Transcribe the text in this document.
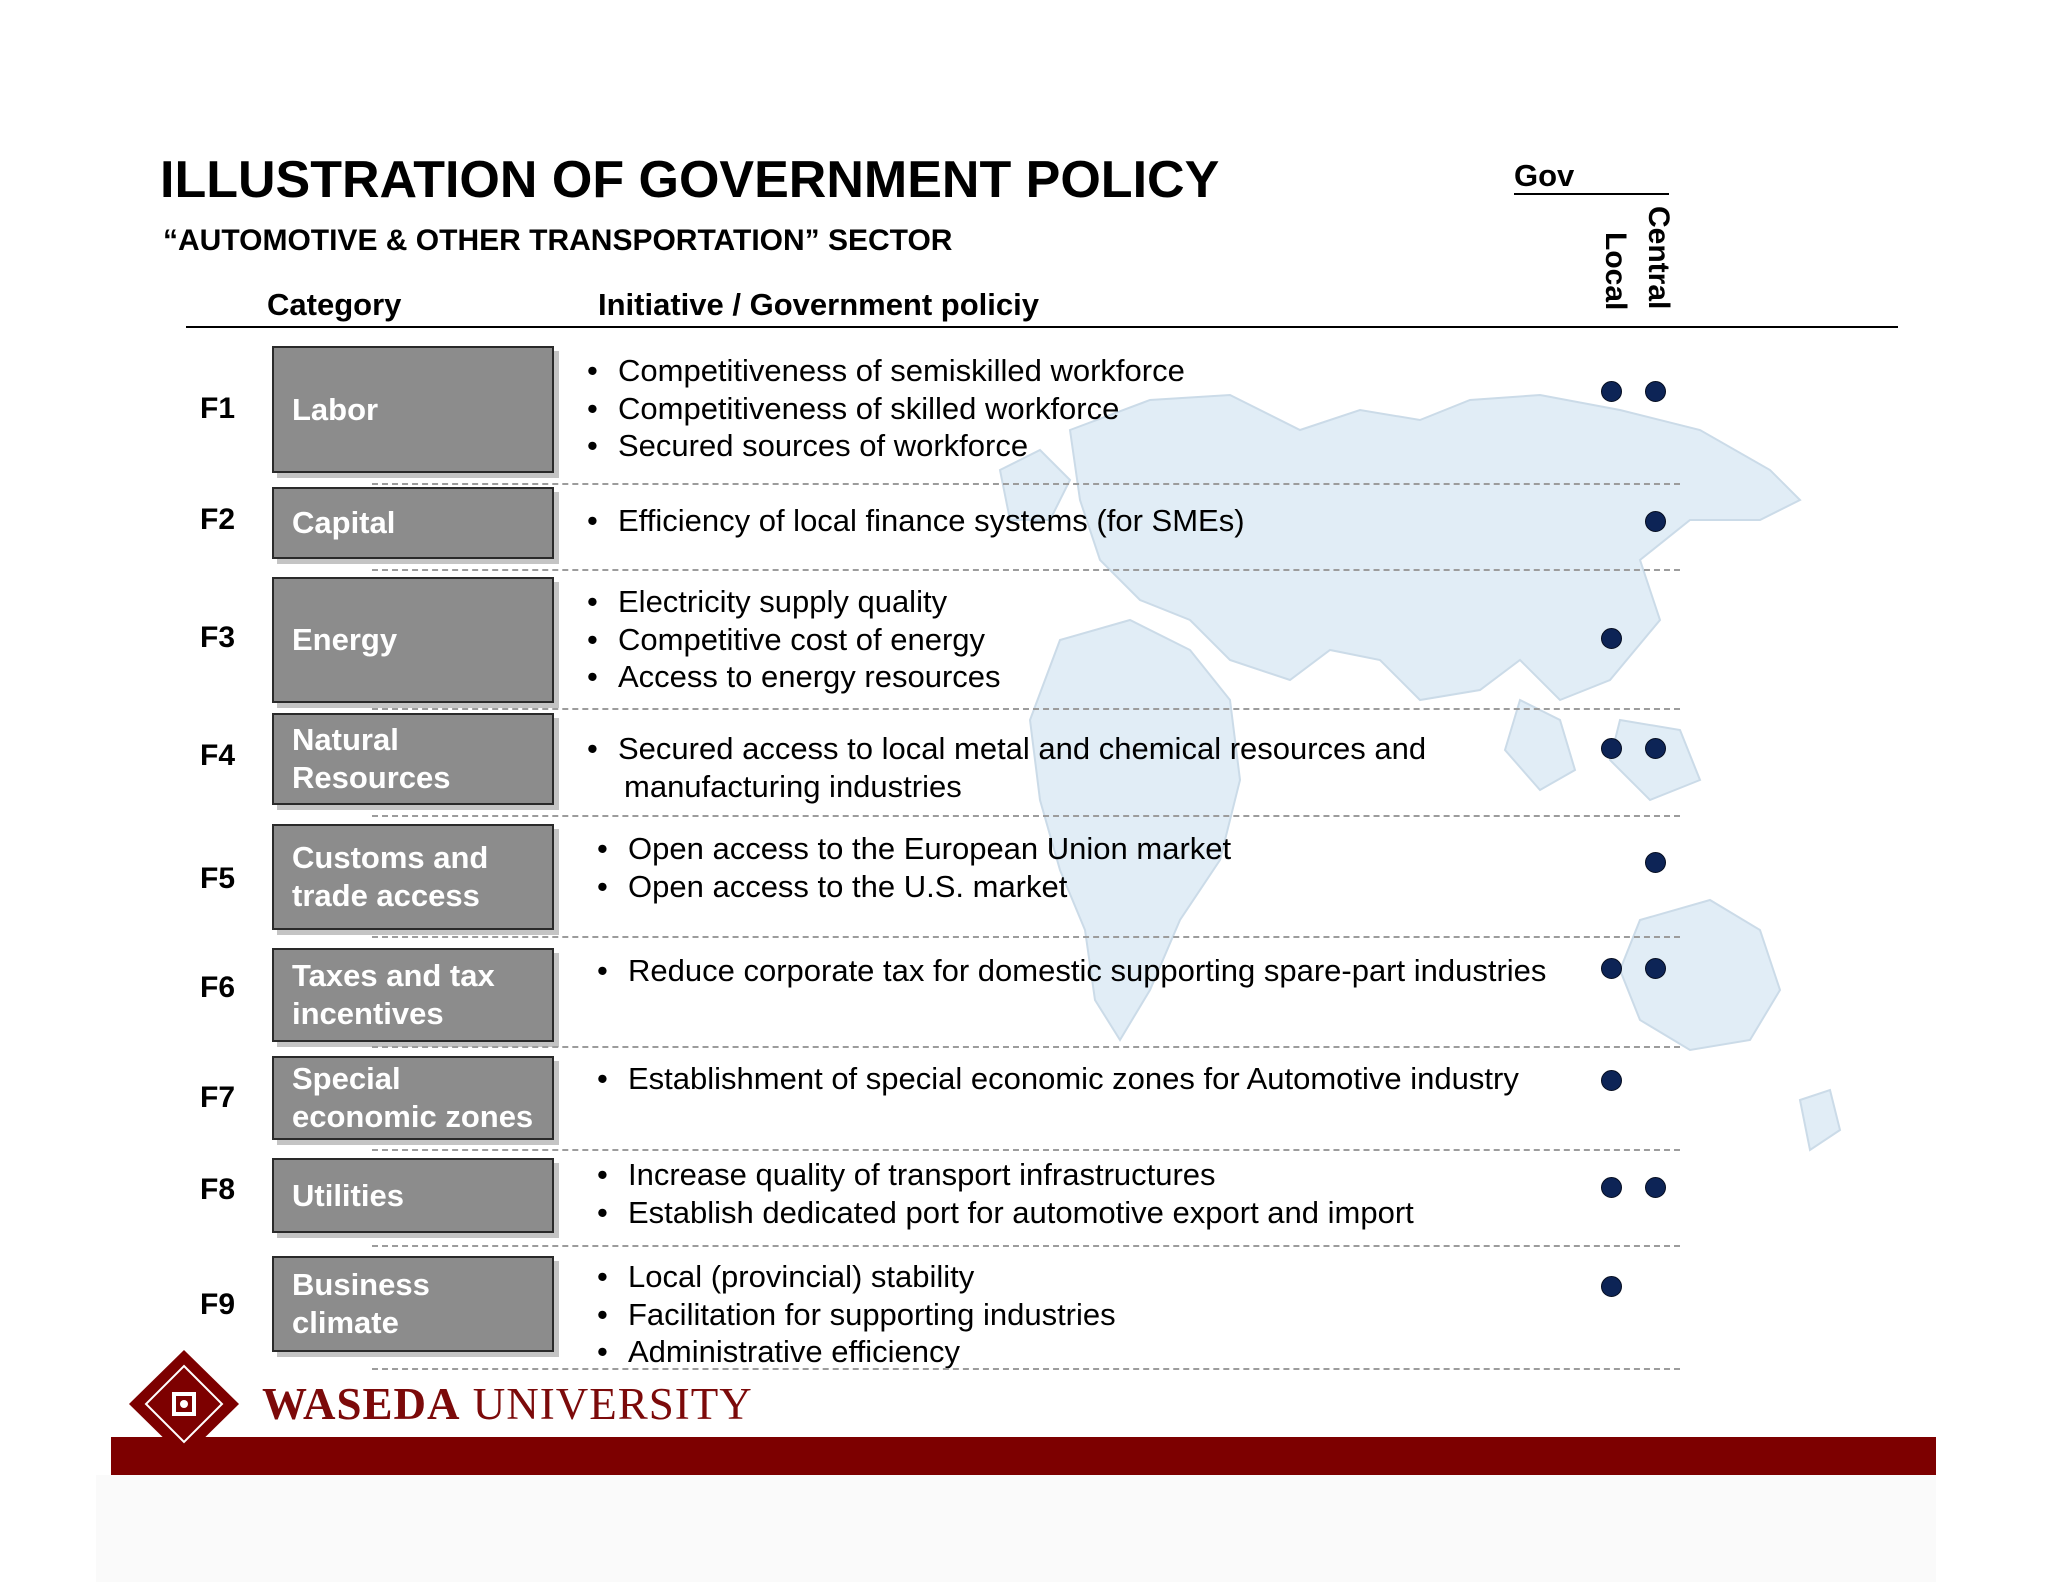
ILLUSTRATION OF GOVERNMENT POLICY
“AUTOMOTIVE & OTHER TRANSPORTATION” SECTOR
Category	Initiative / Government policiy
Gov
Local Central
F1 Labor
• Competitiveness of semiskilled workforce
• Competitiveness of skilled workforce
• Secured sources of workforce
F2 Capital
•	Efficiency of local finance systems (for SMEs)
F3 Energy
• Electricity supply quality
• Competitive cost of energy
• Access to energy resources
F4 Natural
Resources
• Secured access to local metal and chemical resources and
manufacturing industries
F5
Customs and
trade access
• Open access to the European Union market
• Open access to the U.S. market
F6 Taxes and tax
incentives
• Reduce corporate tax for domestic supporting spare-part industries
F7
Special
economic zones
• Establishment of special economic zones for Automotive industry
F8 Utilities
• Increase quality of transport infrastructures
• Establish dedicated port for automotive export and import
F9
Business
climate
• Local (provincial) stability
• Facilitation for supporting industries
• Administrative efficiency
WASEDA UNIVERSITY
